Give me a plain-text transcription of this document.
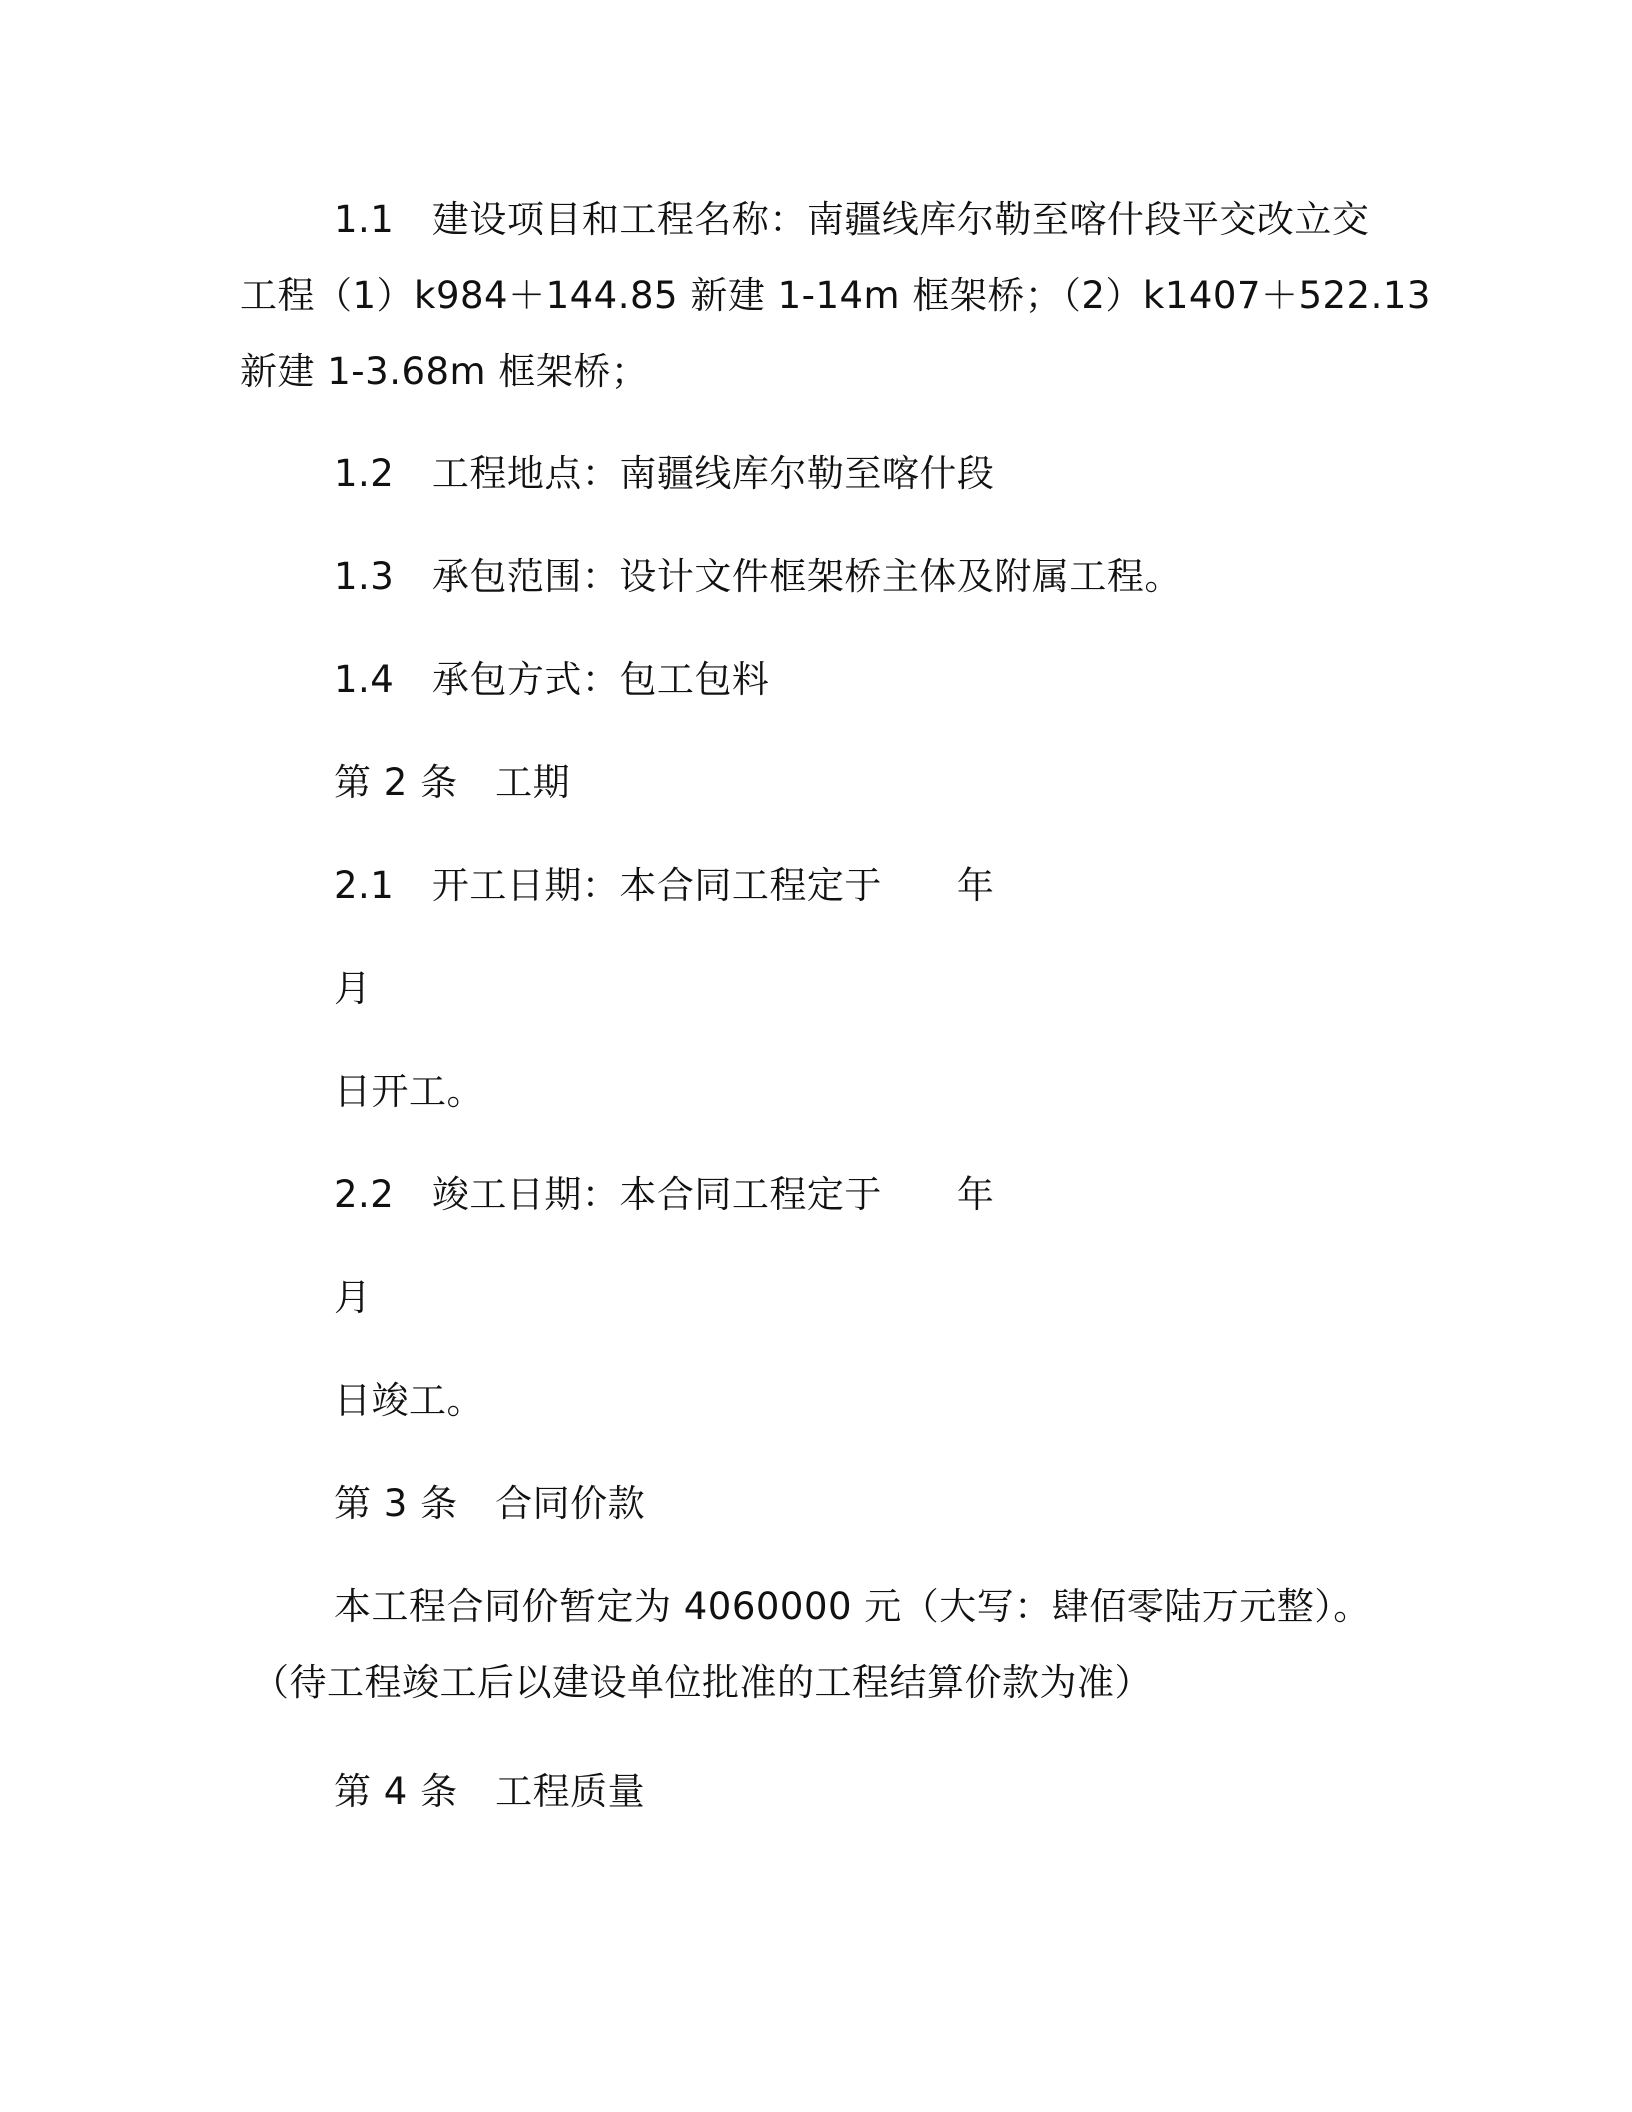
1.1　建设项目和工程名称：南疆线库尔勒至喀什段平交改立交
工程（1）k984＋144.85 新建 1-14m 框架桥；（2）k1407＋522.13
新建 1-3.68m 框架桥；
1.2　工程地点：南疆线库尔勒至喀什段
1.3　承包范围：设计文件框架桥主体及附属工程。
1.4　承包方式：包工包料
第 2 条　工期
2.1　开工日期：本合同工程定于　　年
月
日开工。
2.2　竣工日期：本合同工程定于　　年
月
日竣工。
第 3 条　合同价款
本工程合同价暂定为 4060000 元（大写：肆佰零陆万元整）。
（待工程竣工后以建设单位批准的工程结算价款为准）
第 4 条　工程质量
